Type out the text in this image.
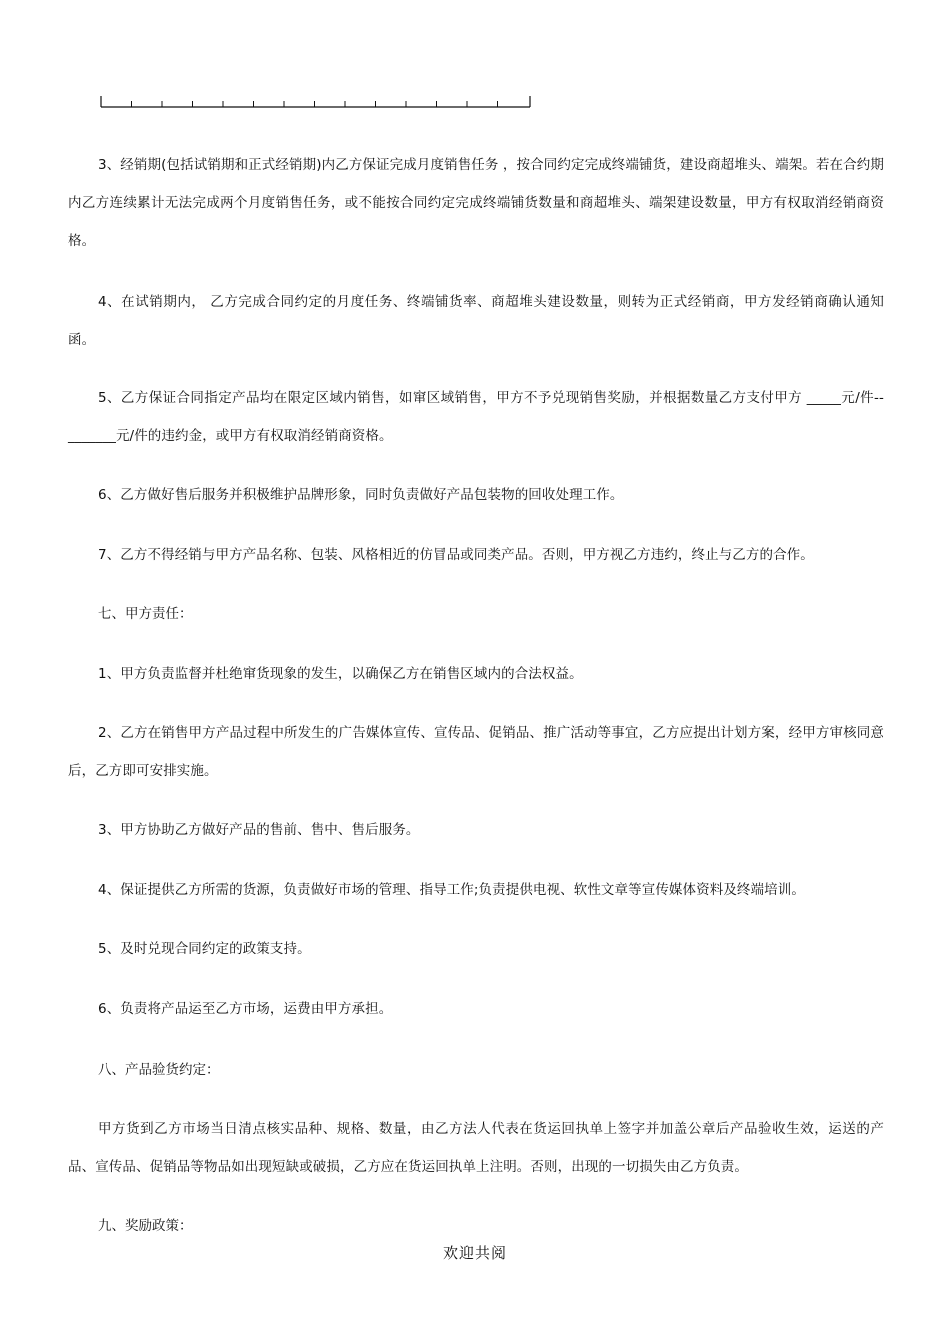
3、经销期(包括试销期和正式经销期)内乙方保证完成月度销售任务 ，按合同约定完成终端铺货，建设商超堆头、端架。若在合约期内乙方连续累计无法完成两个月度销售任务，或不能按合同约定完成终端铺货数量和商超堆头、端架建设数量，甲方有权取消经销商资格。

4、在试销期内， 乙方完成合同约定的月度任务、终端铺货率、商超堆头建设数量，则转为正式经销商，甲方发经销商确认通知函。

5、乙方保证合同指定产品均在限定区域内销售，如窜区域销售，甲方不予兑现销售奖励，并根据数量乙方支付甲方 _____元/件-- _______元/件的违约金，或甲方有权取消经销商资格。

6、乙方做好售后服务并积极维护品牌形象，同时负责做好产品包装物的回收处理工作。

7、乙方不得经销与甲方产品名称、包装、风格相近的仿冒品或同类产品。否则，甲方视乙方违约，终止与乙方的合作。

七、甲方责任：

1、甲方负责监督并杜绝窜货现象的发生，以确保乙方在销售区域内的合法权益。

2、乙方在销售甲方产品过程中所发生的广告媒体宣传、宣传品、促销品、推广活动等事宜，乙方应提出计划方案，经甲方审核同意后，乙方即可安排实施。

3、甲方协助乙方做好产品的售前、售中、售后服务。

4、保证提供乙方所需的货源，负责做好市场的管理、指导工作;负责提供电视、软性文章等宣传媒体资料及终端培训。

5、及时兑现合同约定的政策支持。

6、负责将产品运至乙方市场，运费由甲方承担。

八、产品验货约定：

甲方货到乙方市场当日清点核实品种、规格、数量，由乙方法人代表在货运回执单上签字并加盖公章后产品验收生效，运送的产品、宣传品、促销品等物品如出现短缺或破损，乙方应在货运回执单上注明。否则，出现的一切损失由乙方负责。

九、奖励政策：

欢迎共阅
